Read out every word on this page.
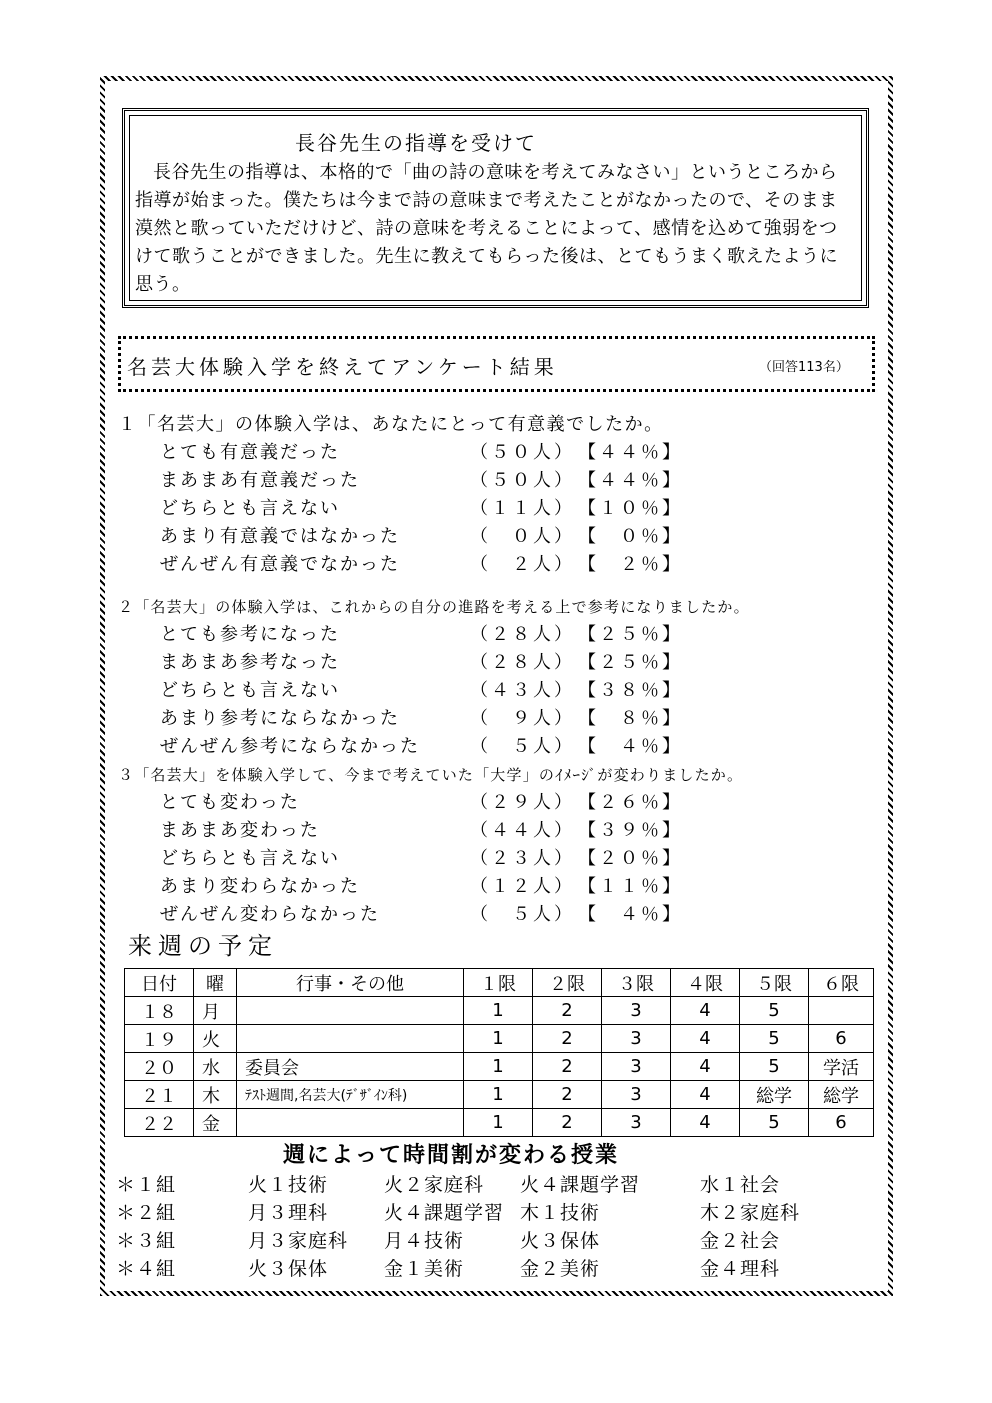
長谷先生の指導を受けて

長谷先生の指導は、本格的で「曲の詩の意味を考えてみなさい」というところから指導が始まった。僕たちは今まで詩の意味まで考えたことがなかったので、そのまま漠然と歌っていただけけど、詩の意味を考えることによって、感情を込めて強弱をつけて歌うことができました。先生に教えてもらった後は、とてもうまく歌えたように思う。

名芸大体験入学を終えてアンケート結果	（回答113名）
１「名芸大」の体験入学は、あなたにとって有意義でしたか。
とても有意義だった	（５０人） 【４４％】
まあまあ有意義だった	（５０人） 【４４％】
どちらとも言えない	（１１人） 【１０％】
あまり有意義ではなかった	（　０人） 【　０％】
ぜんぜん有意義でなかった	（　２人） 【　２％】
２「名芸大」の体験入学は、これからの自分の進路を考える上で参考になりましたか。
とても参考になった	（２８人） 【２５％】
まあまあ参考なった	（２８人） 【２５％】
どちらとも言えない	（４３人） 【３８％】
あまり参考にならなかった	（　９人） 【　８％】
ぜんぜん参考にならなかった	（　５人） 【　４％】
３「名芸大」を体験入学して、今まで考えていた「大学」のｲﾒｰｼﾞが変わりましたか。
とても変わった	（２９人） 【２６％】
まあまあ変わった	（４４人） 【３９％】
どちらとも言えない	（２３人） 【２０％】
あまり変わらなかった	（１２人） 【１１％】
ぜんぜん変わらなかった	（　５人） 【　４％】
来週の予定
日付	曜	行事・その他	１限	２限	３限	４限	５限	６限
１８	月		1	2	3	4	5	
１９	火		1	2	3	4	5	6
２０	水	委員会	1	2	3	4	5	学活
２１	木	ﾃｽﾄ週間,名芸大(ﾃﾞｻﾞｲﾝ科)	1	2	3	4	総学	総学
２２	金		1	2	3	4	5	6
週によって時間割が変わる授業
＊１組	火１技術	火２家庭科 火４課題学習	水１社会
＊２組	月３理科	火４課題学習 木１技術	木２家庭科
＊３組	月３家庭科 月４技術	火３保体	金２社会
＊４組	火３保体	金１美術	金２美術	金４理科
